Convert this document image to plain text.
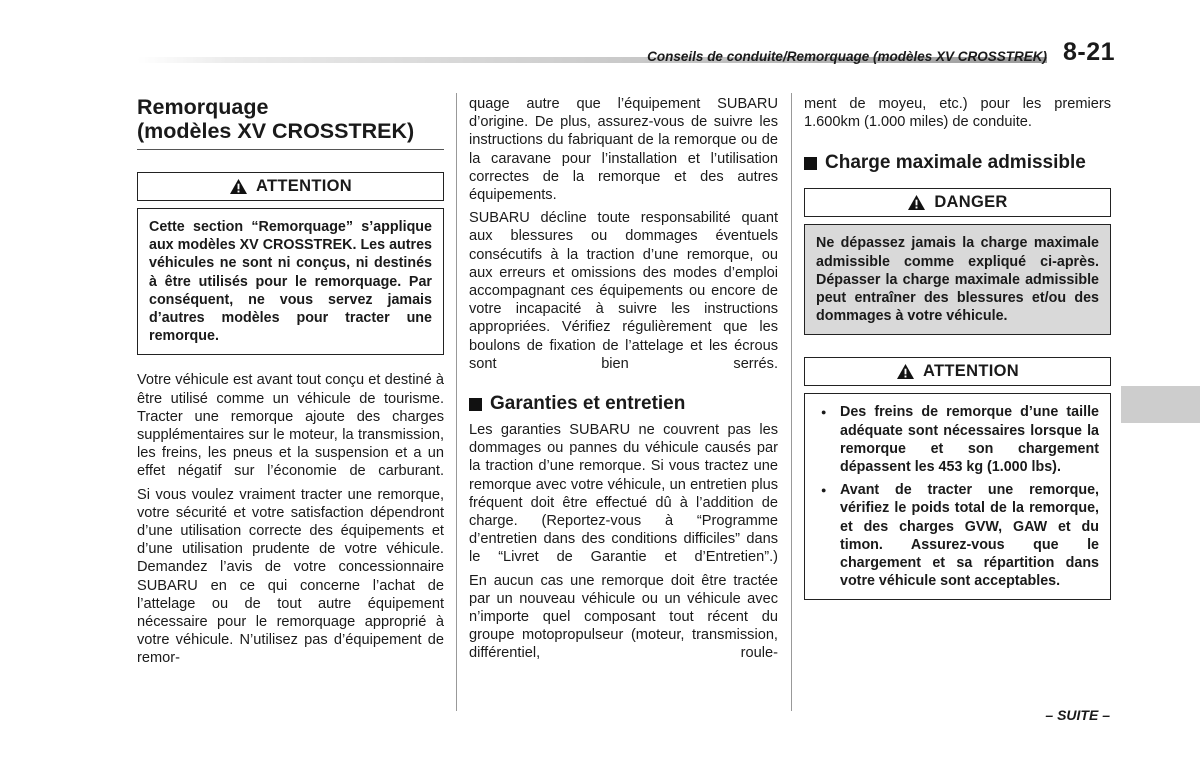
Conseils de conduite/Remorquage (modèles XV CROSSTREK) 8-21
Remorquage
(modèles XV CROSSTREK)
ATTENTION

Cette section “Remorquage” s’applique aux modèles XV CROSSTREK. Les autres véhicules ne sont ni conçus, ni destinés à être utilisés pour le remorquage. Par conséquent, ne vous servez jamais d’autres modèles pour tracter une remorque.

Votre véhicule est avant tout conçu et destiné à être utilisé comme un véhicule de tourisme. Tracter une remorque ajoute des charges supplémentaires sur le moteur, la transmission, les freins, les pneus et la suspension et a un effet négatif sur l’économie de carburant.

Si vous voulez vraiment tracter une remorque, votre sécurité et votre satisfaction dépendront d’une utilisation correcte des équipements et d’une utilisation prudente de votre véhicule. Demandez l’avis de votre concessionnaire SUBARU en ce qui concerne l’achat de l’attelage ou de tout autre équipement nécessaire pour le remorquage approprié à votre véhicule. N’utilisez pas d’équipement de remor-

quage autre que l’équipement SUBARU d’origine. De plus, assurez-vous de suivre les instructions du fabriquant de la remorque ou de la caravane pour l’installation et l’utilisation correctes de la remorque et des autres équipements.

SUBARU décline toute responsabilité quant aux blessures ou dommages éventuels consécutifs à la traction d’une remorque, ou aux erreurs et omissions des modes d’emploi accompagnant ces équipements ou encore de votre incapacité à suivre les instructions appropriées. Vérifiez régulièrement que les boulons de fixation de l’attelage et les écrous sont bien serrés.

Garanties et entretien

Les garanties SUBARU ne couvrent pas les dommages ou pannes du véhicule causés par la traction d’une remorque. Si vous tractez une remorque avec votre véhicule, un entretien plus fréquent doit être effectué dû à l’addition de charge. (Reportez-vous à “Programme d’entretien dans des conditions difficiles” dans le “Livret de Garantie et d’Entretien”.)

En aucun cas une remorque doit être tractée par un nouveau véhicule ou un véhicule avec n’importe quel composant tout récent du groupe motopropulseur (moteur, transmission, différentiel, roule-

ment de moyeu, etc.) pour les premiers 1.600km (1.000 miles) de conduite.

Charge maximale admissible
DANGER

Ne dépassez jamais la charge maximale admissible comme expliqué ci-après. Dépasser la charge maximale admissible peut entraîner des blessures et/ou des dommages à votre véhicule.

ATTENTION
● Des freins de remorque d’une taille adéquate sont nécessaires lorsque la remorque et son chargement dépassent les 453 kg (1.000 lbs).
● Avant de tracter une remorque, vérifiez le poids total de la remorque, et des charges GVW, GAW et du timon. Assurez-vous que le chargement et sa répartition dans votre véhicule sont acceptables.
– SUITE –
